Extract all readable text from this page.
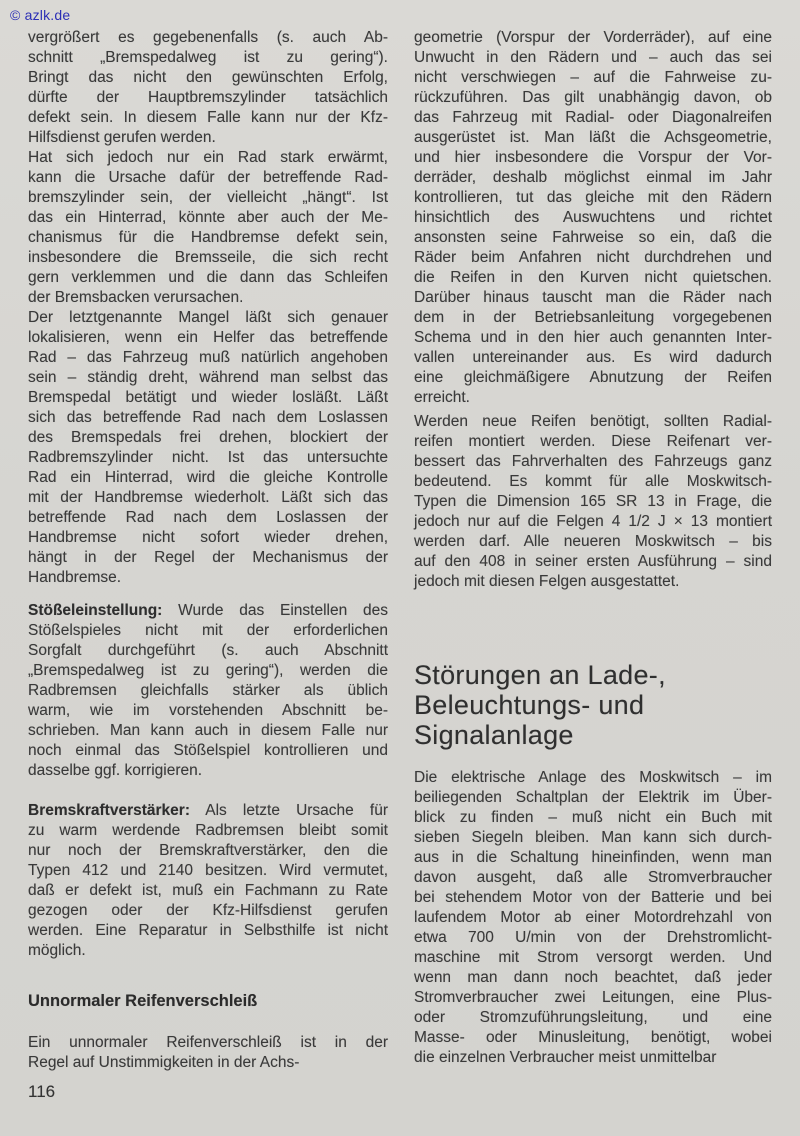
© azlk.de
vergrößert es gegebenenfalls (s. auch Ab-
schnitt „Bremspedalweg ist zu gering“).
Bringt das nicht den gewünschten Erfolg,
dürfte der Hauptbremszylinder tatsächlich
defekt sein. In diesem Falle kann nur der Kfz-
Hilfsdienst gerufen werden.
Hat sich jedoch nur ein Rad stark erwärmt,
kann die Ursache dafür der betreffende Rad-
bremszylinder sein, der vielleicht „hängt“. Ist
das ein Hinterrad, könnte aber auch der Me-
chanismus für die Handbremse defekt sein,
insbesondere die Bremsseile, die sich recht
gern verklemmen und die dann das Schleifen
der Bremsbacken verursachen.
Der letztgenannte Mangel läßt sich genauer
lokalisieren, wenn ein Helfer das betreffende
Rad – das Fahrzeug muß natürlich angehoben
sein – ständig dreht, während man selbst das
Bremspedal betätigt und wieder losläßt. Läßt
sich das betreffende Rad nach dem Loslassen
des Bremspedals frei drehen, blockiert der
Radbremszylinder nicht. Ist das untersuchte
Rad ein Hinterrad, wird die gleiche Kontrolle
mit der Handbremse wiederholt. Läßt sich das
betreffende Rad nach dem Loslassen der
Handbremse nicht sofort wieder drehen,
hängt in der Regel der Mechanismus der
Handbremse.
Stößeleinstellung: Wurde das Einstellen des
Stößelspieles nicht mit der erforderlichen
Sorgfalt durchgeführt (s. auch Abschnitt
„Bremspedalweg ist zu gering“), werden die
Radbremsen gleichfalls stärker als üblich
warm, wie im vorstehenden Abschnitt be-
schrieben. Man kann auch in diesem Falle nur
noch einmal das Stößelspiel kontrollieren und
dasselbe ggf. korrigieren.
Bremskraftverstärker: Als letzte Ursache für
zu warm werdende Radbremsen bleibt somit
nur noch der Bremskraftverstärker, den die
Typen 412 und 2140 besitzen. Wird vermutet,
daß er defekt ist, muß ein Fachmann zu Rate
gezogen oder der Kfz-Hilfsdienst gerufen
werden. Eine Reparatur in Selbsthilfe ist nicht
möglich.
Unnormaler Reifenverschleiß
Ein unnormaler Reifenverschleiß ist in der
Regel auf Unstimmigkeiten in der Achs-
geometrie (Vorspur der Vorderräder), auf eine
Unwucht in den Rädern und – auch das sei
nicht verschwiegen – auf die Fahrweise zu-
rückzuführen. Das gilt unabhängig davon, ob
das Fahrzeug mit Radial- oder Diagonalreifen
ausgerüstet ist. Man läßt die Achsgeometrie,
und hier insbesondere die Vorspur der Vor-
derräder, deshalb möglichst einmal im Jahr
kontrollieren, tut das gleiche mit den Rädern
hinsichtlich des Auswuchtens und richtet
ansonsten seine Fahrweise so ein, daß die
Räder beim Anfahren nicht durchdrehen und
die Reifen in den Kurven nicht quietschen.
Darüber hinaus tauscht man die Räder nach
dem in der Betriebsanleitung vorgegebenen
Schema und in den hier auch genannten Inter-
vallen untereinander aus. Es wird dadurch
eine gleichmäßigere Abnutzung der Reifen
erreicht.
Werden neue Reifen benötigt, sollten Radial-
reifen montiert werden. Diese Reifenart ver-
bessert das Fahrverhalten des Fahrzeugs ganz
bedeutend. Es kommt für alle Moskwitsch-
Typen die Dimension 165 SR 13 in Frage, die
jedoch nur auf die Felgen 4 1/2 J × 13 montiert
werden darf. Alle neueren Moskwitsch – bis
auf den 408 in seiner ersten Ausführung – sind
jedoch mit diesen Felgen ausgestattet.
Störungen an Lade-,
Beleuchtungs- und
Signalanlage
Die elektrische Anlage des Moskwitsch – im
beiliegenden Schaltplan der Elektrik im Über-
blick zu finden – muß nicht ein Buch mit
sieben Siegeln bleiben. Man kann sich durch-
aus in die Schaltung hineinfinden, wenn man
davon ausgeht, daß alle Stromverbraucher
bei stehendem Motor von der Batterie und bei
laufendem Motor ab einer Motordrehzahl von
etwa 700 U/min von der Drehstromlicht-
maschine mit Strom versorgt werden. Und
wenn man dann noch beachtet, daß jeder
Stromverbraucher zwei Leitungen, eine Plus-
oder Stromzuführungsleitung, und eine
Masse- oder Minusleitung, benötigt, wobei
die einzelnen Verbraucher meist unmittelbar
116
